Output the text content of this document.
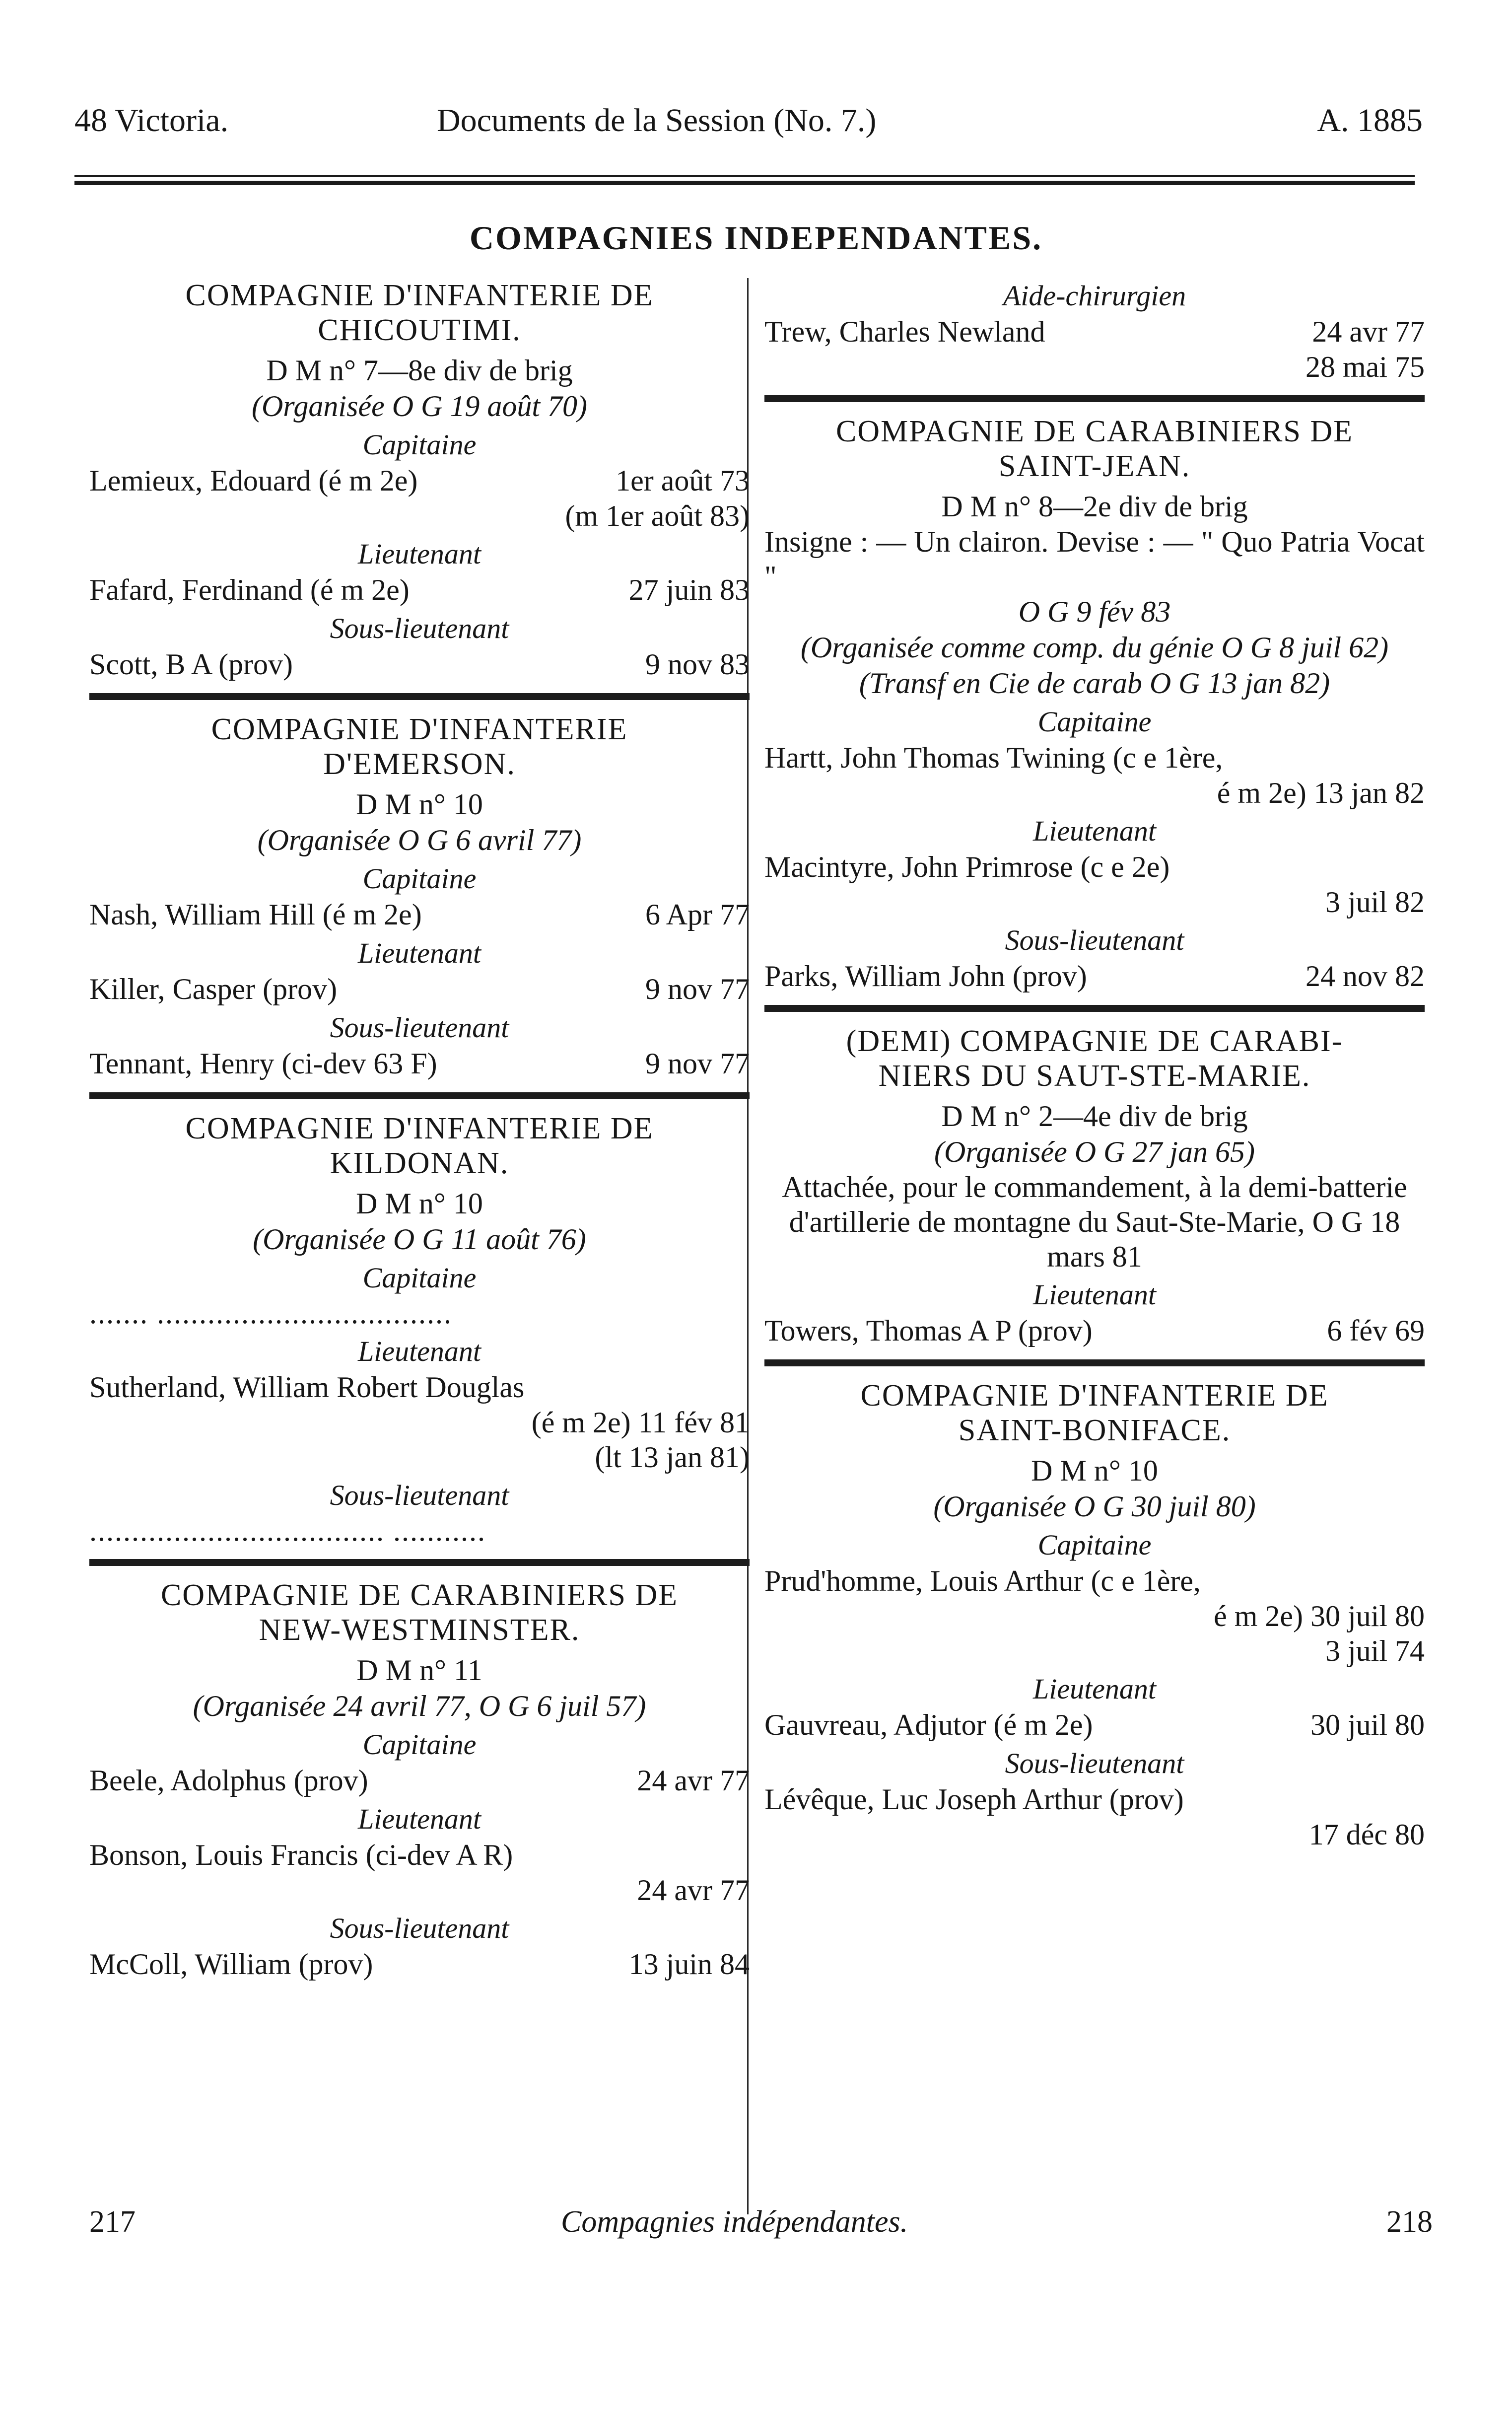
48 Victoria.	Documents de la Session (No. 7.)	A. 1885
COMPAGNIES INDEPENDANTES.
COMPAGNIE D'INFANTERIE DE
CHICOUTIMI.
D M n° 7—8e div de brig
(Organisée O G 19 août 70)
Capitaine
Lemieux, Edouard (é m 2e)	1er août 73
(m 1er août 83)
Lieutenant
Fafard, Ferdinand (é m 2e)	27 juin 83
Sous-lieutenant
Scott, B A (prov)	9 nov 83
COMPAGNIE D'INFANTERIE
D'EMERSON.
D M n° 10
(Organisée O G 6 avril 77)
Capitaine
Nash, William Hill (é m 2e)	6 Apr 77
Lieutenant
Killer, Casper (prov)	9 nov 77
Sous-lieutenant
Tennant, Henry (ci-dev 63 F)	9 nov 77
COMPAGNIE D'INFANTERIE DE
KILDONAN.
D M n° 10
(Organisée O G 11 août 76)
Capitaine
....... ...................................
Lieutenant
Sutherland, William Robert Douglas
(é m 2e) 11 fév 81
(lt 13 jan 81)
Sous-lieutenant
................................... ...........
COMPAGNIE DE CARABINIERS DE
NEW-WESTMINSTER.
D M n° 11
(Organisée 24 avril 77, O G 6 juil 57)
Capitaine
Beele, Adolphus (prov)	24 avr 77
Lieutenant
Bonson, Louis Francis (ci-dev A R)
24 avr 77
Sous-lieutenant
McColl, William (prov)	13 juin 84
Aide-chirurgien
Trew, Charles Newland	24 avr 77
28 mai 75
COMPAGNIE DE CARABINIERS DE
SAINT-JEAN.
D M n° 8—2e div de brig
Insigne : — Un clairon. Devise : — " Quo Patria Vocat "
O G 9 fév 83
(Organisée comme comp. du génie O G 8 juil 62)
(Transf en Cie de carab O G 13 jan 82)
Capitaine
Hartt, John Thomas Twining (c e 1ère,
é m 2e) 13 jan 82
Lieutenant
Macintyre, John Primrose (c e 2e)
3 juil 82
Sous-lieutenant
Parks, William John (prov)	24 nov 82
(DEMI) COMPAGNIE DE CARABI-
NIERS DU SAUT-STE-MARIE.
D M n° 2—4e div de brig
(Organisée O G 27 jan 65)
Attachée, pour le commandement, à la demi-batterie d'artillerie de montagne du Saut-Ste-Marie, O G 18 mars 81
Lieutenant
Towers, Thomas A P (prov)	6 fév 69
COMPAGNIE D'INFANTERIE DE
SAINT-BONIFACE.
D M n° 10
(Organisée O G 30 juil 80)
Capitaine
Prud'homme, Louis Arthur (c e 1ère,
é m 2e) 30 juil 80
3 juil 74
Lieutenant
Gauvreau, Adjutor (é m 2e)	30 juil 80
Sous-lieutenant
Lévêque, Luc Joseph Arthur (prov)
17 déc 80
217	Compagnies indépendantes.	218
